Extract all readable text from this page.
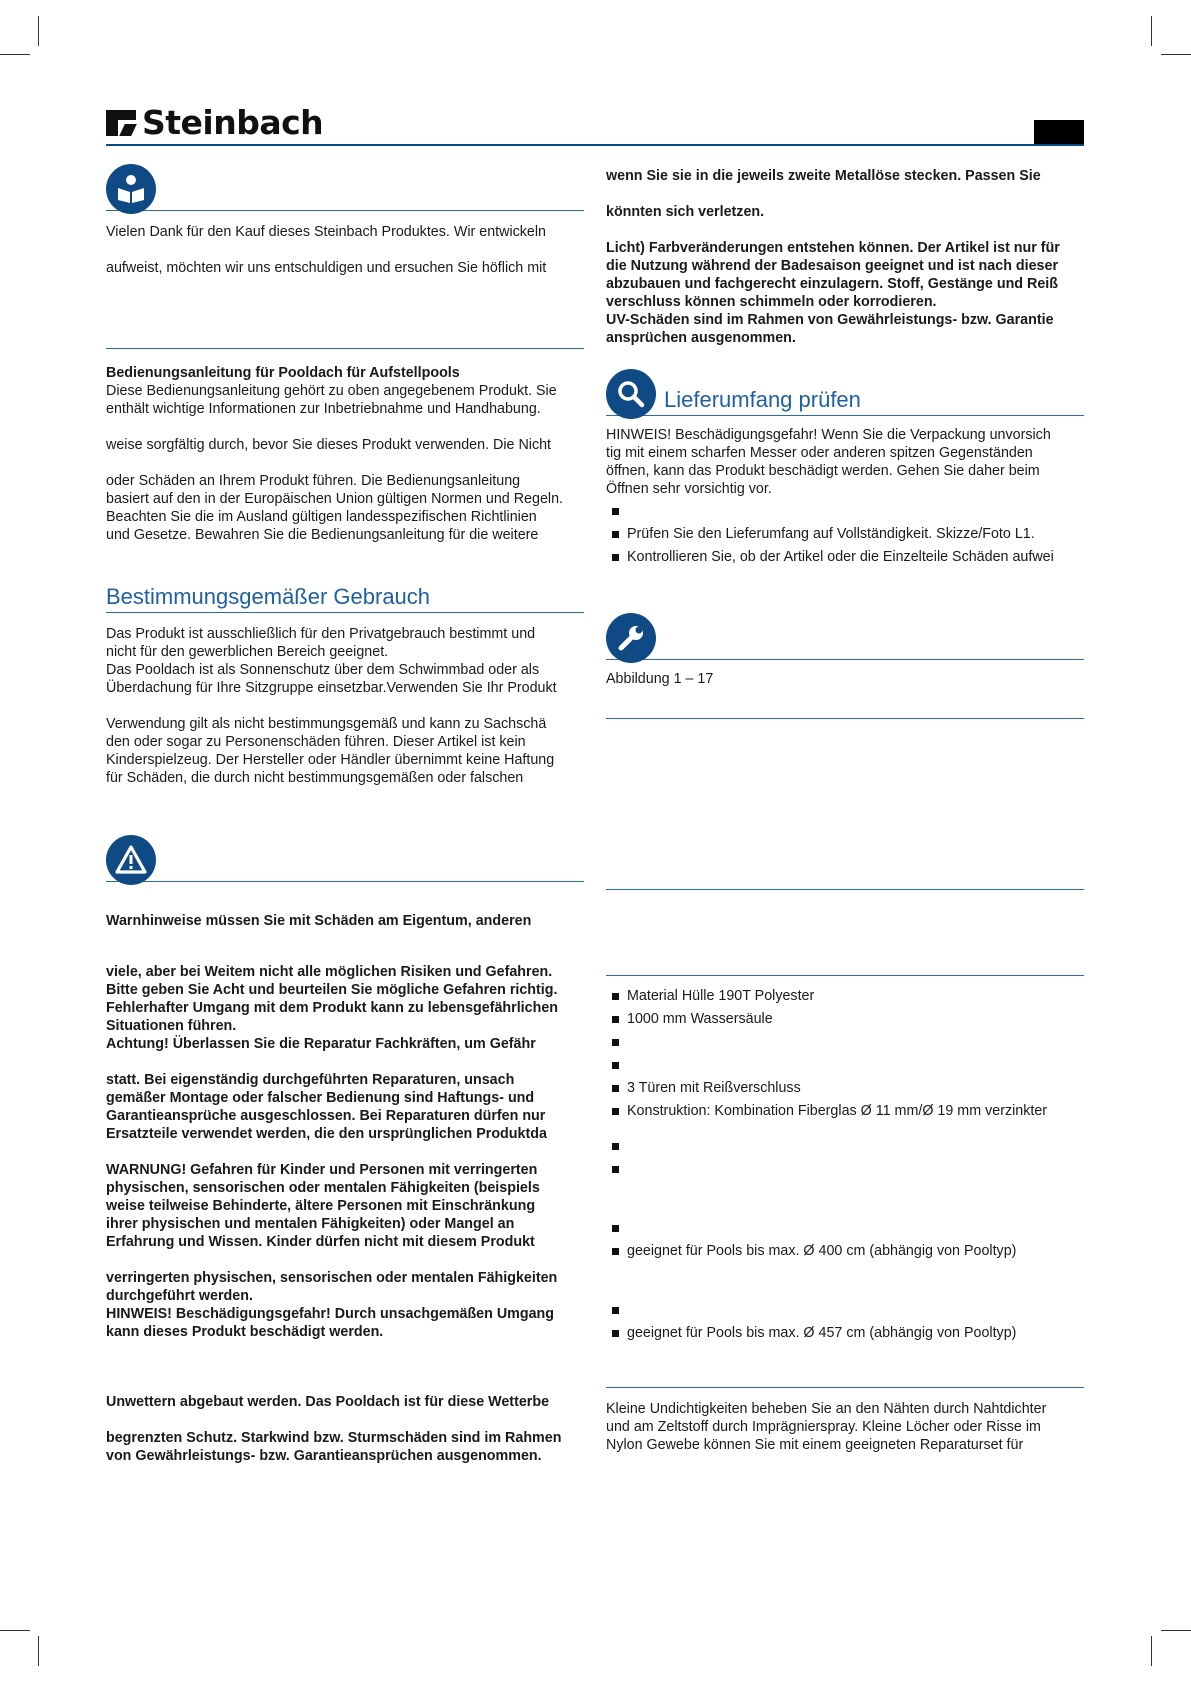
Steinbach

Vielen Dank für den Kauf dieses Steinbach Produktes. Wir entwickeln

aufweist, möchten wir uns entschuldigen und ersuchen Sie höflich mit

Bedienungsanleitung für Pooldach für Aufstellpools

Diese Bedienungsanleitung gehört zu oben angegebenem Produkt. Sie

enthält wichtige Informationen zur Inbetriebnahme und Handhabung.

weise sorgfältig durch, bevor Sie dieses Produkt verwenden. Die Nicht

oder Schäden an Ihrem Produkt führen. Die Bedienungsanleitung

basiert auf den in der Europäischen Union gültigen Normen und Regeln.

Beachten Sie die im Ausland gültigen landesspezifischen Richtlinien

und Gesetze. Bewahren Sie die Bedienungsanleitung für die weitere

Bestimmungsgemäßer Gebrauch

Das Produkt ist ausschließlich für den Privatgebrauch bestimmt und

nicht für den gewerblichen Bereich geeignet.

Das Pooldach ist als Sonnenschutz über dem Schwimmbad oder als

Überdachung für Ihre Sitzgruppe einsetzbar.Verwenden Sie Ihr Produkt

Verwendung gilt als nicht bestimmungsgemäß und kann zu Sachschä

den oder sogar zu Personenschäden führen. Dieser Artikel ist kein

Kinderspielzeug. Der Hersteller oder Händler übernimmt keine Haftung

für Schäden, die durch nicht bestimmungsgemäßen oder falschen

Warnhinweise müssen Sie mit Schäden am Eigentum, anderen

viele, aber bei Weitem nicht alle möglichen Risiken und Gefahren.

Bitte geben Sie Acht und beurteilen Sie mögliche Gefahren richtig.

Fehlerhafter Umgang mit dem Produkt kann zu lebensgefährlichen

Situationen führen.

Achtung! Überlassen Sie die Reparatur Fachkräften, um Gefähr

statt. Bei eigenständig durchgeführten Reparaturen, unsach

gemäßer Montage oder falscher Bedienung sind Haftungs- und

Garantieansprüche ausgeschlossen. Bei Reparaturen dürfen nur

Ersatzteile verwendet werden, die den ursprünglichen Produktda

WARNUNG! Gefahren für Kinder und Personen mit verringerten

physischen, sensorischen oder mentalen Fähigkeiten (beispiels

weise teilweise Behinderte, ältere Personen mit Einschränkung

ihrer physischen und mentalen Fähigkeiten) oder Mangel an

Erfahrung und Wissen. Kinder dürfen nicht mit diesem Produkt

verringerten physischen, sensorischen oder mentalen Fähigkeiten

durchgeführt werden.

HINWEIS! Beschädigungsgefahr! Durch unsachgemäßen Umgang

kann dieses Produkt beschädigt werden.

Unwettern abgebaut werden. Das Pooldach ist für diese Wetterbe

begrenzten Schutz. Starkwind bzw. Sturmschäden sind im Rahmen

von Gewährleistungs- bzw. Garantieansprüchen ausgenommen.

wenn Sie sie in die jeweils zweite Metallöse stecken. Passen Sie

könnten sich verletzen.

Licht) Farbveränderungen entstehen können. Der Artikel ist nur für

die Nutzung während der Badesaison geeignet und ist nach dieser

abzubauen und fachgerecht einzulagern. Stoff, Gestänge und Reiß

verschluss können schimmeln oder korrodieren.

UV-Schäden sind im Rahmen von Gewährleistungs- bzw. Garantie

ansprüchen ausgenommen.

Lieferumfang prüfen

HINWEIS! Beschädigungsgefahr! Wenn Sie die Verpackung unvorsich

tig mit einem scharfen Messer oder anderen spitzen Gegenständen

öffnen, kann das Produkt beschädigt werden. Gehen Sie daher beim

Öffnen sehr vorsichtig vor.

Prüfen Sie den Lieferumfang auf Vollständigkeit. Skizze/Foto L1.
Kontrollieren Sie, ob der Artikel oder die Einzelteile Schäden aufwei

Abbildung 1 – 17

Material Hülle 190T Polyester
1000 mm Wassersäule
3 Türen mit Reißverschluss
Konstruktion: Kombination Fiberglas Ø 11 mm/Ø 19 mm verzinkter
geeignet für Pools bis max. Ø 400 cm (abhängig von Pooltyp)
geeignet für Pools bis max. Ø 457 cm (abhängig von Pooltyp)

Kleine Undichtigkeiten beheben Sie an den Nähten durch Nahtdichter

und am Zeltstoff durch Imprägnierspray. Kleine Löcher oder Risse im

Nylon Gewebe können Sie mit einem geeigneten Reparaturset für
